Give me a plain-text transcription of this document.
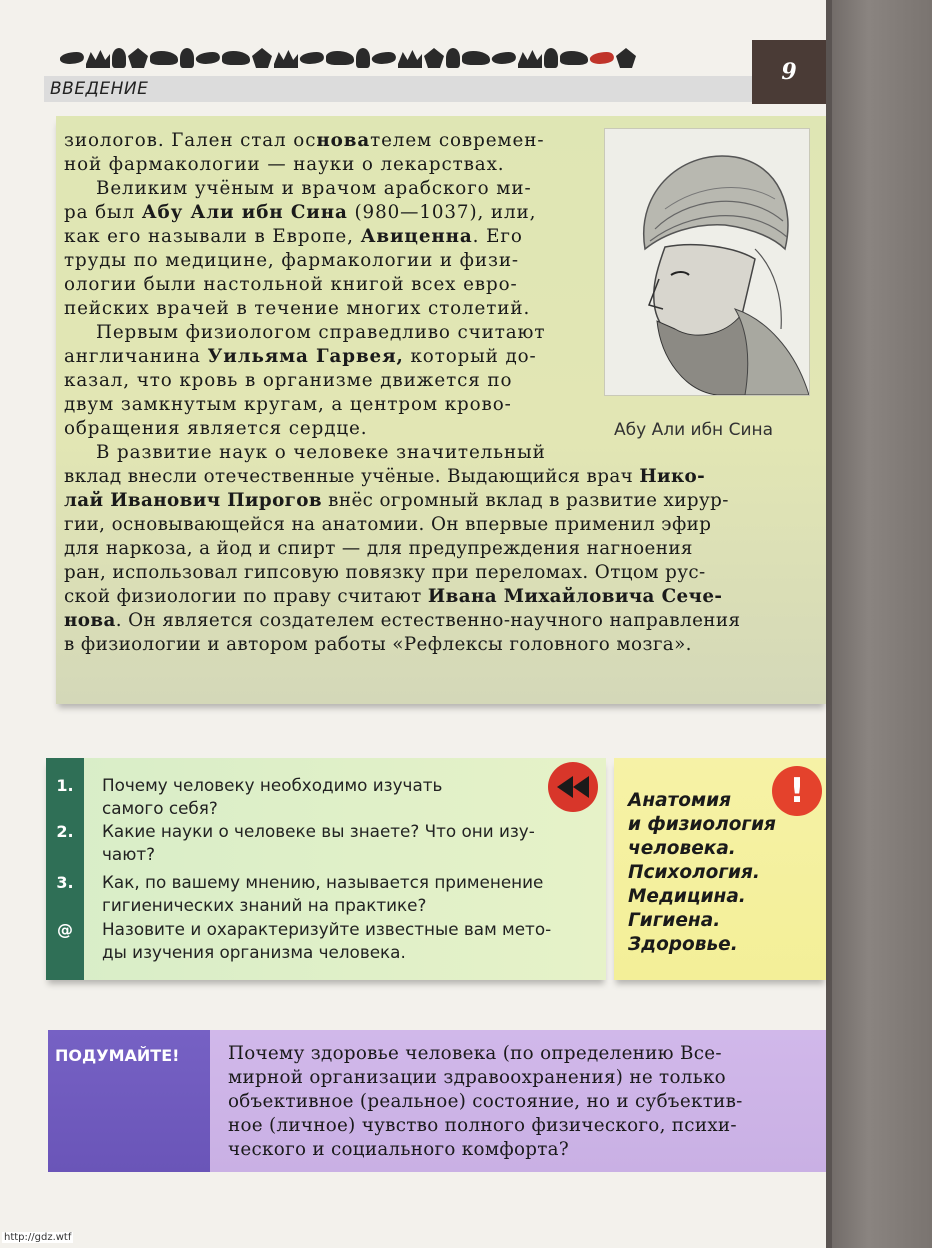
ВВЕДЕНИЕ
9
Абу Али ибн Сина
зиологов. Гален стал основателем современ-
ной фармакологии — науки о лекарствах.
Великим учёным и врачом арабского ми-
ра был Абу Али ибн Сина (980—1037), или,
как его называли в Европе, Авиценна. Его
труды по медицине, фармакологии и физи-
ологии были настольной книгой всех евро-
пейских врачей в течение многих столетий.
Первым физиологом справедливо считают
англичанина Уильяма Гарвея, который до-
казал, что кровь в организме движется по
двум замкнутым кругам, а центром крово-
обращения является сердце.
В развитие наук о человеке значительный
вклад внесли отечественные учёные. Выдающийся врач Нико-
лай Иванович Пирогов внёс огромный вклад в развитие хирур-
гии, основывающейся на анатомии. Он впервые применил эфир
для наркоза, а йод и спирт — для предупреждения нагноения
ран, использовал гипсовую повязку при переломах. Отцом рус-
ской физиологии по праву считают Ивана Михайловича Сече-
нова. Он является создателем естественно-научного направления
в физиологии и автором работы «Рефлексы головного мозга».
1.	Почему человеку необходимо изучать
самого себя?
2.	Какие науки о человеке вы знаете? Что они изу-
чают?
3.	Как, по вашему мнению, называется применение
гигиенических знаний на практике?
@	Назовите и охарактеризуйте известные вам мето-
ды изучения организма человека.
!
Анатомия
и физиология
человека.
Психология.
Медицина.
Гигиена.
Здоровье.
ПОДУМАЙТЕ!	Почему здоровье человека (по определению Все-
мирной организации здравоохранения) не только
объективное (реальное) состояние, но и субъектив-
ное (личное) чувство полного физического, психи-
ческого и социального комфорта?
http://gdz.wtf
